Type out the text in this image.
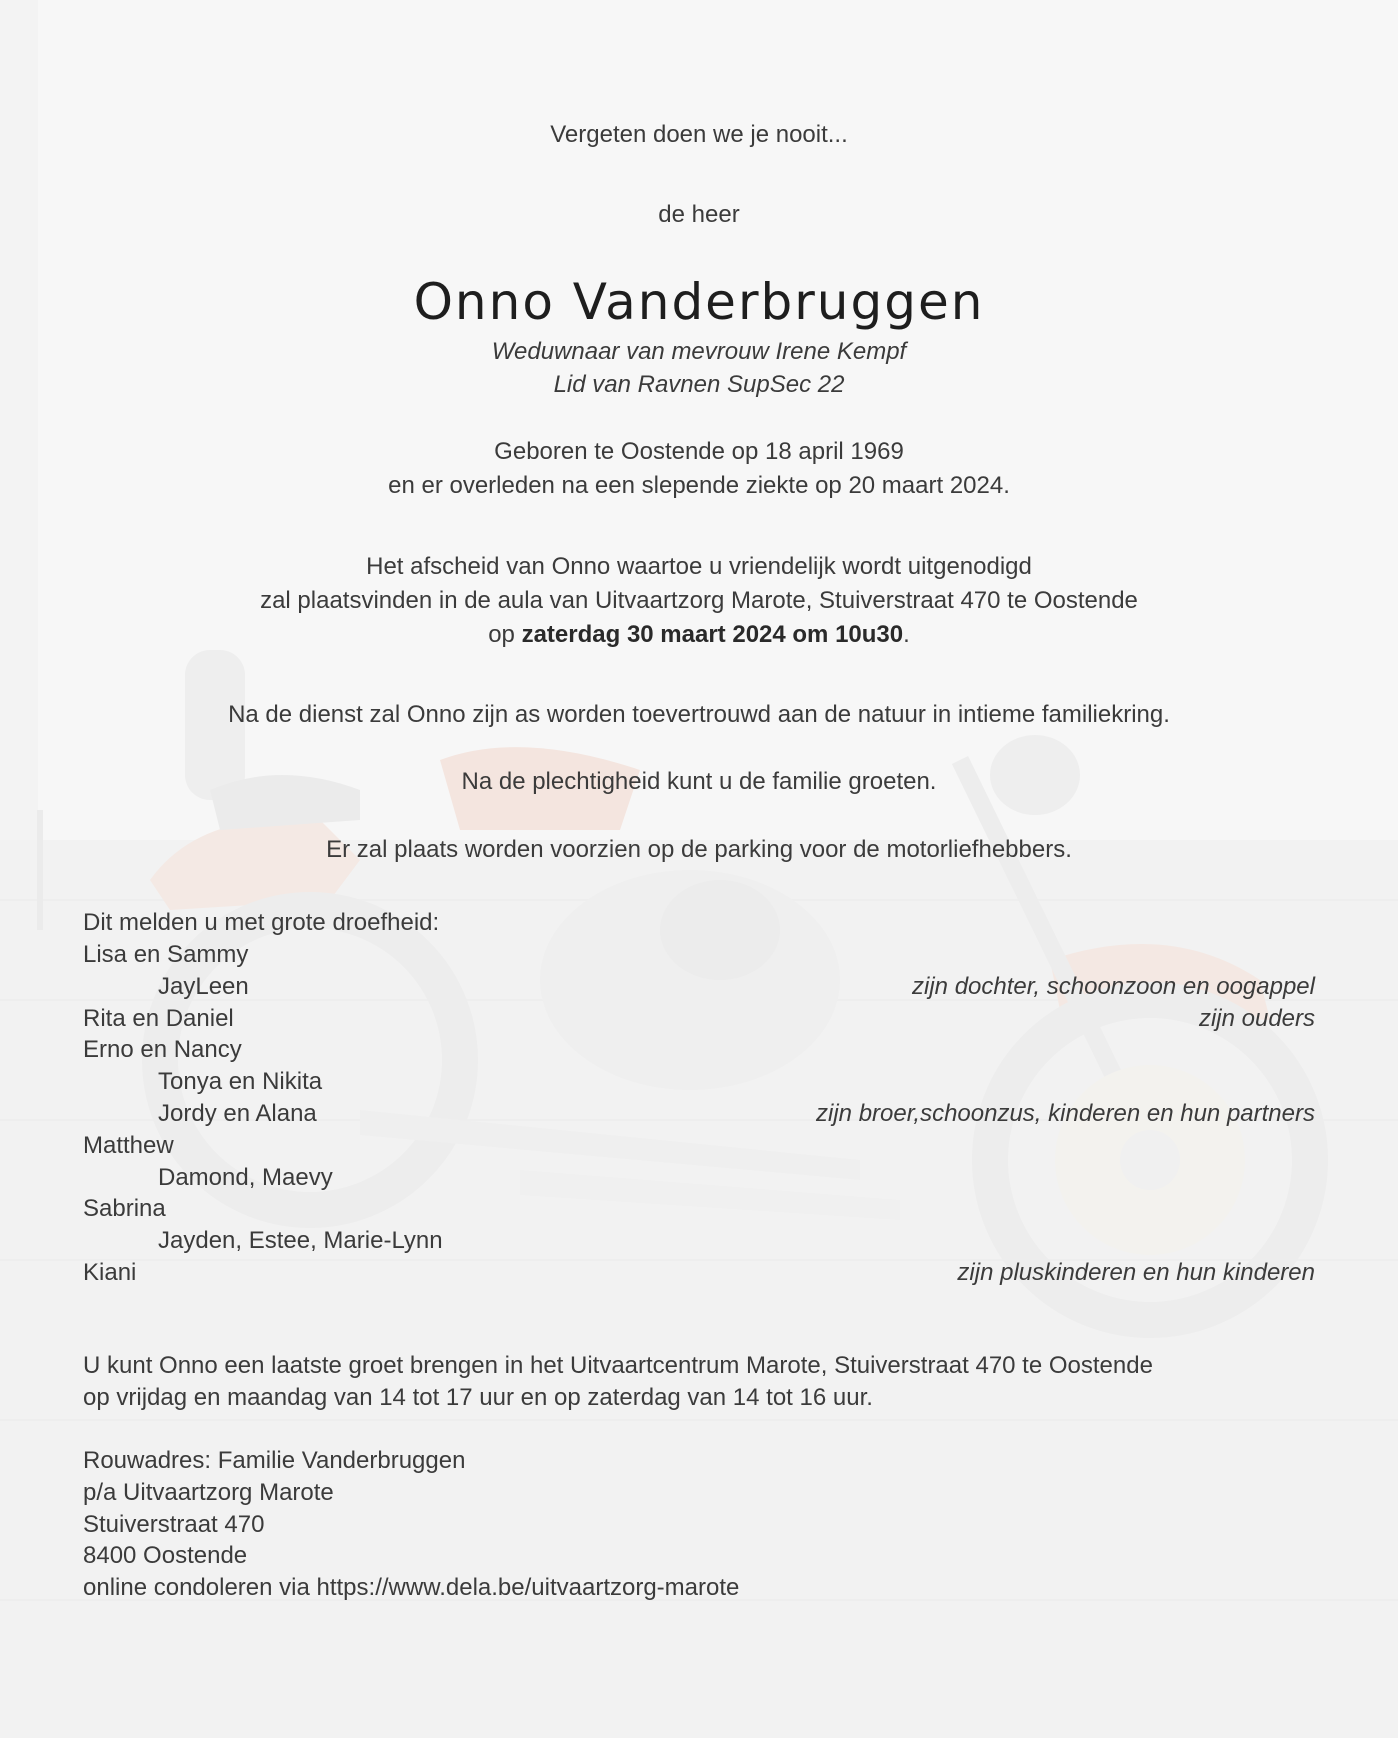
Vergeten doen we je nooit...
de heer
Onno Vanderbruggen
Weduwnaar van mevrouw Irene Kempf
Lid van Ravnen SupSec 22
Geboren te Oostende op 18 april 1969
en er overleden na een slepende ziekte op 20 maart 2024.
Het afscheid van Onno waartoe u vriendelijk wordt uitgenodigd
zal plaatsvinden in de aula van Uitvaartzorg Marote, Stuiverstraat 470 te Oostende
op zaterdag 30 maart 2024 om 10u30.
Na de dienst zal Onno zijn as worden toevertrouwd aan de natuur in intieme familiekring.
Na de plechtigheid kunt u de familie groeten.
Er zal plaats worden voorzien op de parking voor de motorliefhebbers.
Dit melden u met grote droefheid:
Lisa en Sammy
JayLeen	zijn dochter, schoonzoon en oogappel
Rita en Daniel	zijn ouders
Erno en Nancy
Tonya en Nikita
Jordy en Alana	zijn broer,schoonzus, kinderen en hun partners
Matthew
Damond, Maevy
Sabrina
Jayden, Estee, Marie-Lynn
Kiani	zijn pluskinderen en hun kinderen
U kunt Onno een laatste groet brengen in het Uitvaartcentrum Marote, Stuiverstraat 470 te Oostende
op vrijdag en maandag van 14 tot 17 uur en op zaterdag van 14 tot 16 uur.
Rouwadres: Familie Vanderbruggen
p/a Uitvaartzorg Marote
Stuiverstraat 470
8400 Oostende
online condoleren via https://www.dela.be/uitvaartzorg-marote
